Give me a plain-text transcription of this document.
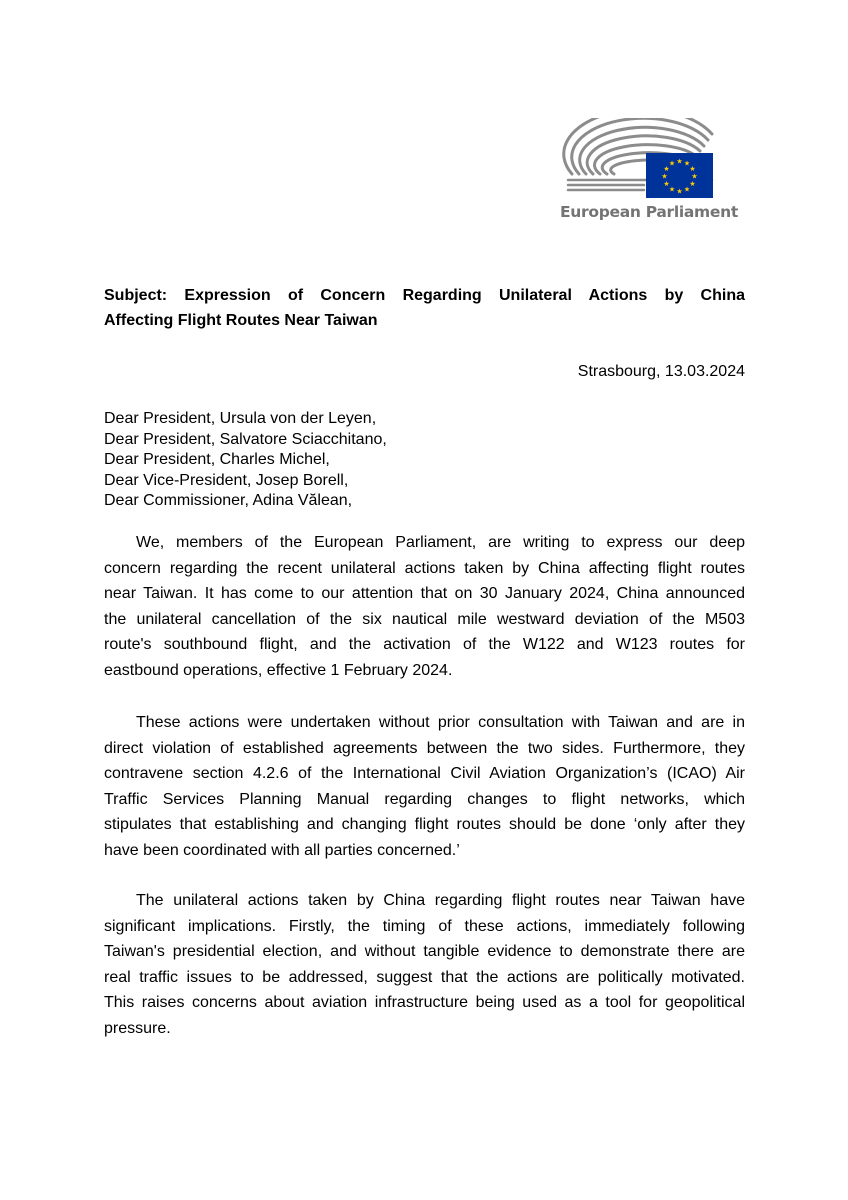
★ ★
★
★
★
★
★
★
★
★
★
★
European Parliament
Subject: Expression of Concern Regarding Unilateral Actions by China
Affecting Flight Routes Near Taiwan
Strasbourg, 13.03.2024
Dear President, Ursula von der Leyen,
Dear President, Salvatore Sciacchitano,
Dear President, Charles Michel,
Dear Vice-President, Josep Borell,
Dear Commissioner, Adina Vălean,
We, members of the European Parliament, are writing to express our deep
concern regarding the recent unilateral actions taken by China affecting flight routes
near Taiwan. It has come to our attention that on 30 January 2024, China announced
the unilateral cancellation of the six nautical mile westward deviation of the M503
route's southbound flight, and the activation of the W122 and W123 routes for
eastbound operations, effective 1 February 2024.
These actions were undertaken without prior consultation with Taiwan and are in
direct violation of established agreements between the two sides. Furthermore, they
contravene section 4.2.6 of the International Civil Aviation Organization’s (ICAO) Air
Traffic Services Planning Manual regarding changes to flight networks, which
stipulates that establishing and changing flight routes should be done ‘only after they
have been coordinated with all parties concerned.’
The unilateral actions taken by China regarding flight routes near Taiwan have
significant implications. Firstly, the timing of these actions, immediately following
Taiwan's presidential election, and without tangible evidence to demonstrate there are
real traffic issues to be addressed, suggest that the actions are politically motivated.
This raises concerns about aviation infrastructure being used as a tool for geopolitical
pressure.
